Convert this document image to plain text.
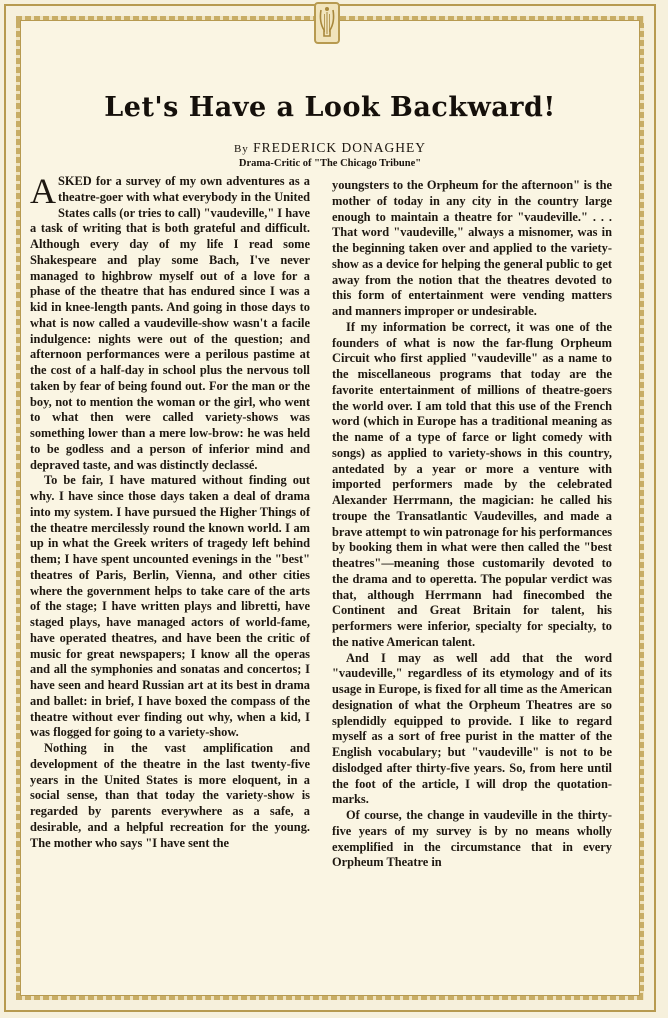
Let's Have a Look Backward!
By FREDERICK DONAGHEY
Drama-Critic of "The Chicago Tribune"

ASKED for a survey of my own adventures as a theatre-goer with what everybody in the United States calls (or tries to call) "vaudeville," I have a task of writing that is both grateful and difficult. Although every day of my life I read some Shakespeare and play some Bach, I've never managed to highbrow myself out of a love for a phase of the theatre that has endured since I was a kid in knee-length pants. And going in those days to what is now called a vaudeville-show wasn't a facile indulgence: nights were out of the question; and afternoon performances were a perilous pastime at the cost of a half-day in school plus the nervous toll taken by fear of being found out. For the man or the boy, not to mention the woman or the girl, who went to what then were called variety-shows was something lower than a mere low-brow: he was held to be godless and a person of inferior mind and depraved taste, and was distinctly declassé.

To be fair, I have matured without finding out why. I have since those days taken a deal of drama into my system. I have pursued the Higher Things of the theatre mercilessly round the known world. I am up in what the Greek writers of tragedy left behind them; I have spent uncounted evenings in the "best" theatres of Paris, Berlin, Vienna, and other cities where the government helps to take care of the arts of the stage; I have written plays and libretti, have staged plays, have managed actors of world-fame, have operated theatres, and have been the critic of music for great newspapers; I know all the operas and all the symphonies and sonatas and concertos; I have seen and heard Russian art at its best in drama and ballet: in brief, I have boxed the compass of the theatre without ever finding out why, when a kid, I was flogged for going to a variety-show.

Nothing in the vast amplification and development of the theatre in the last twenty-five years in the United States is more eloquent, in a social sense, than that today the variety-show is regarded by parents everywhere as a safe, a desirable, and a helpful recreation for the young. The mother who says "I have sent the

youngsters to the Orpheum for the afternoon" is the mother of today in any city in the country large enough to maintain a theatre for "vaudeville." . . . That word "vaudeville," always a misnomer, was in the beginning taken over and applied to the variety-show as a device for helping the general public to get away from the notion that the theatres devoted to this form of entertainment were vending matters and manners improper or undesirable.

If my information be correct, it was one of the founders of what is now the far-flung Orpheum Circuit who first applied "vaudeville" as a name to the miscellaneous programs that today are the favorite entertainment of millions of theatre-goers the world over. I am told that this use of the French word (which in Europe has a traditional meaning as the name of a type of farce or light comedy with songs) as applied to variety-shows in this country, antedated by a year or more a venture with imported performers made by the celebrated Alexander Herrmann, the magician: he called his troupe the Transatlantic Vaudevilles, and made a brave attempt to win patronage for his performances by booking them in what were then called the "best theatres"—meaning those customarily devoted to the drama and to operetta. The popular verdict was that, although Herrmann had finecombed the Continent and Great Britain for talent, his performers were inferior, specialty for specialty, to the native American talent.

And I may as well add that the word "vaudeville," regardless of its etymology and of its usage in Europe, is fixed for all time as the American designation of what the Orpheum Theatres are so splendidly equipped to provide. I like to regard myself as a sort of free purist in the matter of the English vocabulary; but "vaudeville" is not to be dislodged after thirty-five years. So, from here until the foot of the article, I will drop the quotation-marks.

Of course, the change in vaudeville in the thirty-five years of my survey is by no means wholly exemplified in the circumstance that in every Orpheum Theatre in
